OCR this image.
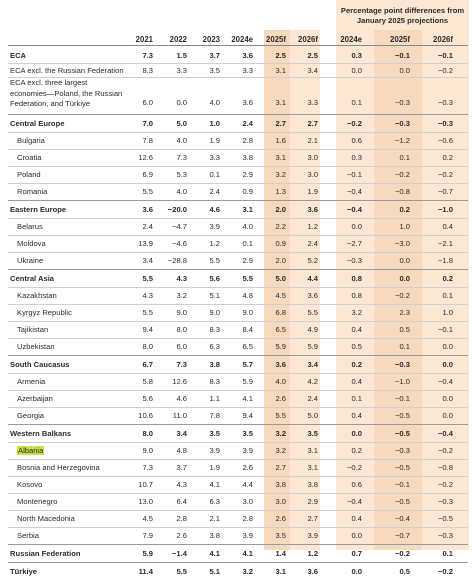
Percentage point differences from January 2025 projections
2021	2022	2023	2024e	2025f	2026f	2024e	2025f	2026f
ECA	7.3	1.5	3.7	3.6	2.5	2.5	0.3	−0.1	−0.1
ECA excl. the Russian Federation	8.3	3.3	3.5	3.3	3.1	3.4	0.0	0.0	−0.2
ECA excl. three largest economies—Poland, the Russian Federation, and Türkiye	6.0	0.0	4.0	3.6	3.1	3.3	0.1	−0.3	−0.3
Central Europe	7.0	5.0	1.0	2.4	2.7	2.7	−0.2	−0.3	−0.3
Bulgaria	7.8	4.0	1.9	2.8	1.6	2.1	0.6	−1.2	−0.6
Croatia	12.6	7.3	3.3	3.8	3.1	3.0	0.3	0.1	0.2
Poland	6.9	5.3	0.1	2.9	3.2	3.0	−0.1	−0.2	−0.2
Romania	5.5	4.0	2.4	0.9	1.3	1.9	−0.4	−0.8	−0.7
Eastern Europe	3.6	−20.0	4.6	3.1	2.0	3.6	−0.4	0.2	−1.0
Belarus	2.4	−4.7	3.9	4.0	2.2	1.2	0.0	1.0	0.4
Moldova	13.9	−4.6	1.2	0.1	0.9	2.4	−2.7	−3.0	−2.1
Ukraine	3.4	−28.8	5.5	2.9	2.0	5.2	−0.3	0.0	−1.8
Central Asia	5.5	4.3	5.6	5.5	5.0	4.4	0.8	0.0	0.2
Kazakhstan	4.3	3.2	5.1	4.8	4.5	3.6	0.8	−0.2	0.1
Kyrgyz Republic	5.5	9.0	9.0	9.0	6.8	5.5	3.2	2.3	1.0
Tajikistan	9.4	8.0	8.3	8.4	6.5	4.9	0.4	0.5	−0.1
Uzbekistan	8.0	6.0	6.3	6.5	5.9	5.9	0.5	0.1	0.0
South Caucasus	6.7	7.3	3.8	5.7	3.6	3.4	0.2	−0.3	0.0
Armenia	5.8	12.6	8.3	5.9	4.0	4.2	0.4	−1.0	−0.4
Azerbaijan	5.6	4.6	1.1	4.1	2.6	2.4	0.1	−0.1	0.0
Georgia	10.6	11.0	7.8	9.4	5.5	5.0	0.4	−0.5	0.0
Western Balkans	8.0	3.4	3.5	3.5	3.2	3.5	0.0	−0.5	−0.4
Albania	9.0	4.8	3.9	3.9	3.2	3.1	0.2	−0.3	−0.2
Bosnia and Herzegovina	7.3	3.7	1.9	2.6	2.7	3.1	−0.2	−0.5	−0.8
Kosovo	10.7	4.3	4.1	4.4	3.8	3.8	0.6	−0.1	−0.2
Montenegro	13.0	6.4	6.3	3.0	3.0	2.9	−0.4	−0.5	−0.3
North Macedonia	4.5	2.8	2.1	2.8	2.6	2.7	0.4	−0.4	−0.5
Serbia	7.9	2.6	3.8	3.9	3.5	3.9	0.0	−0.7	−0.3
Russian Federation	5.9	−1.4	4.1	4.1	1.4	1.2	0.7	−0.2	0.1
Türkiye	11.4	5.5	5.1	3.2	3.1	3.6	0.0	0.5	−0.2
